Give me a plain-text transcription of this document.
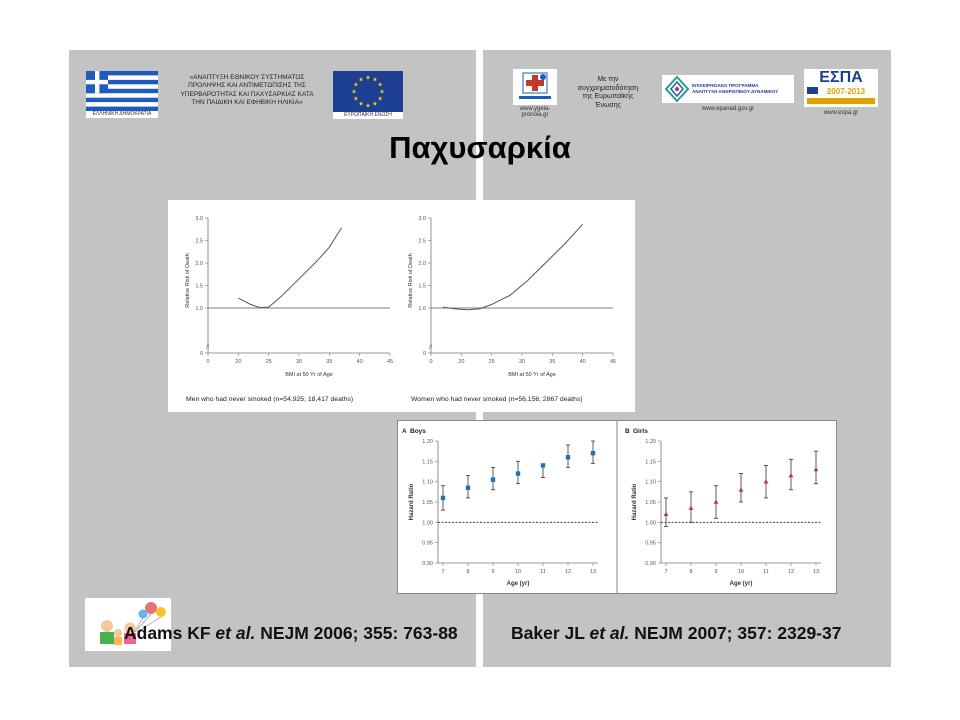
ΕΛΛΗΝΙΚΗ ΔΗΜΟΚΡΑΤΙΑ
«ΑΝΑΠΤΥΞΗ ΕΘΝΙΚΟΥ ΣΥΣΤΗΜΑΤΟΣ
ΠΡΟΛΗΨΗΣ ΚΑΙ ΑΝΤΙΜΕΤΩΠΙΣΗΣ ΤΗΣ
ΥΠΕΡΒΑΡΟΤΗΤΑΣ ΚΑΙ ΠΑΧΥΣΑΡΚΙΑΣ ΚΑΤΑ
ΤΗΝ ΠΑΙΔΙΚΗ ΚΑΙ ΕΦΗΒΙΚΗ ΗΛΙΚΙΑ»
ΕΥΡΩΠΑΪΚΗ ΕΝΩΣΗ
www.ygeia-
pronoia.gr
Με την
συγχρηματοδότηση
της Ευρωπαϊκής
Ένωσης
ΕΠΙΧΕΙΡΗΣΙΑΚΟ ΠΡΟΓΡΑΜΜΑ
ΑΝΑΠΤΥΞΗ ΑΝΘΡΩΠΙΝΟΥ ΔΥΝΑΜΙΚΟΥ
www.epanad.gov.gr
ΕΣΠΑ
2007-2013
www.espa.gr
Παχυσαρκία
0
1.0
1.5
2.0
2.5
3.0
0	20	25	30	35	40	45
//
BMI at 50 Yr of Age
Relative Risk of Death
Men who had never smoked (n=54,925; 18,417 deaths)
0
1.0
1.5
2.0
2.5
3.0
0	20	25	30	35	40	45
//
BMI at 50 Yr of Age
Relative Risk of Death
Women who had never smoked (n=56,156; 2867 deaths)
A Boys
0.90
0.95
1.00
1.05
1.10
1.15
1.20
7	8	9	10	11	12	13
Age (yr)
Hazard Ratio
B Girls
0.90
0.95
1.00
1.05
1.10
1.15
1.20
7	8	9	10	11	12	13
Age (yr)
Hazard Ratio
Adams KF et al. NEJM 2006; 355: 763-88	Baker JL et al. NEJM 2007; 357: 2329-37
